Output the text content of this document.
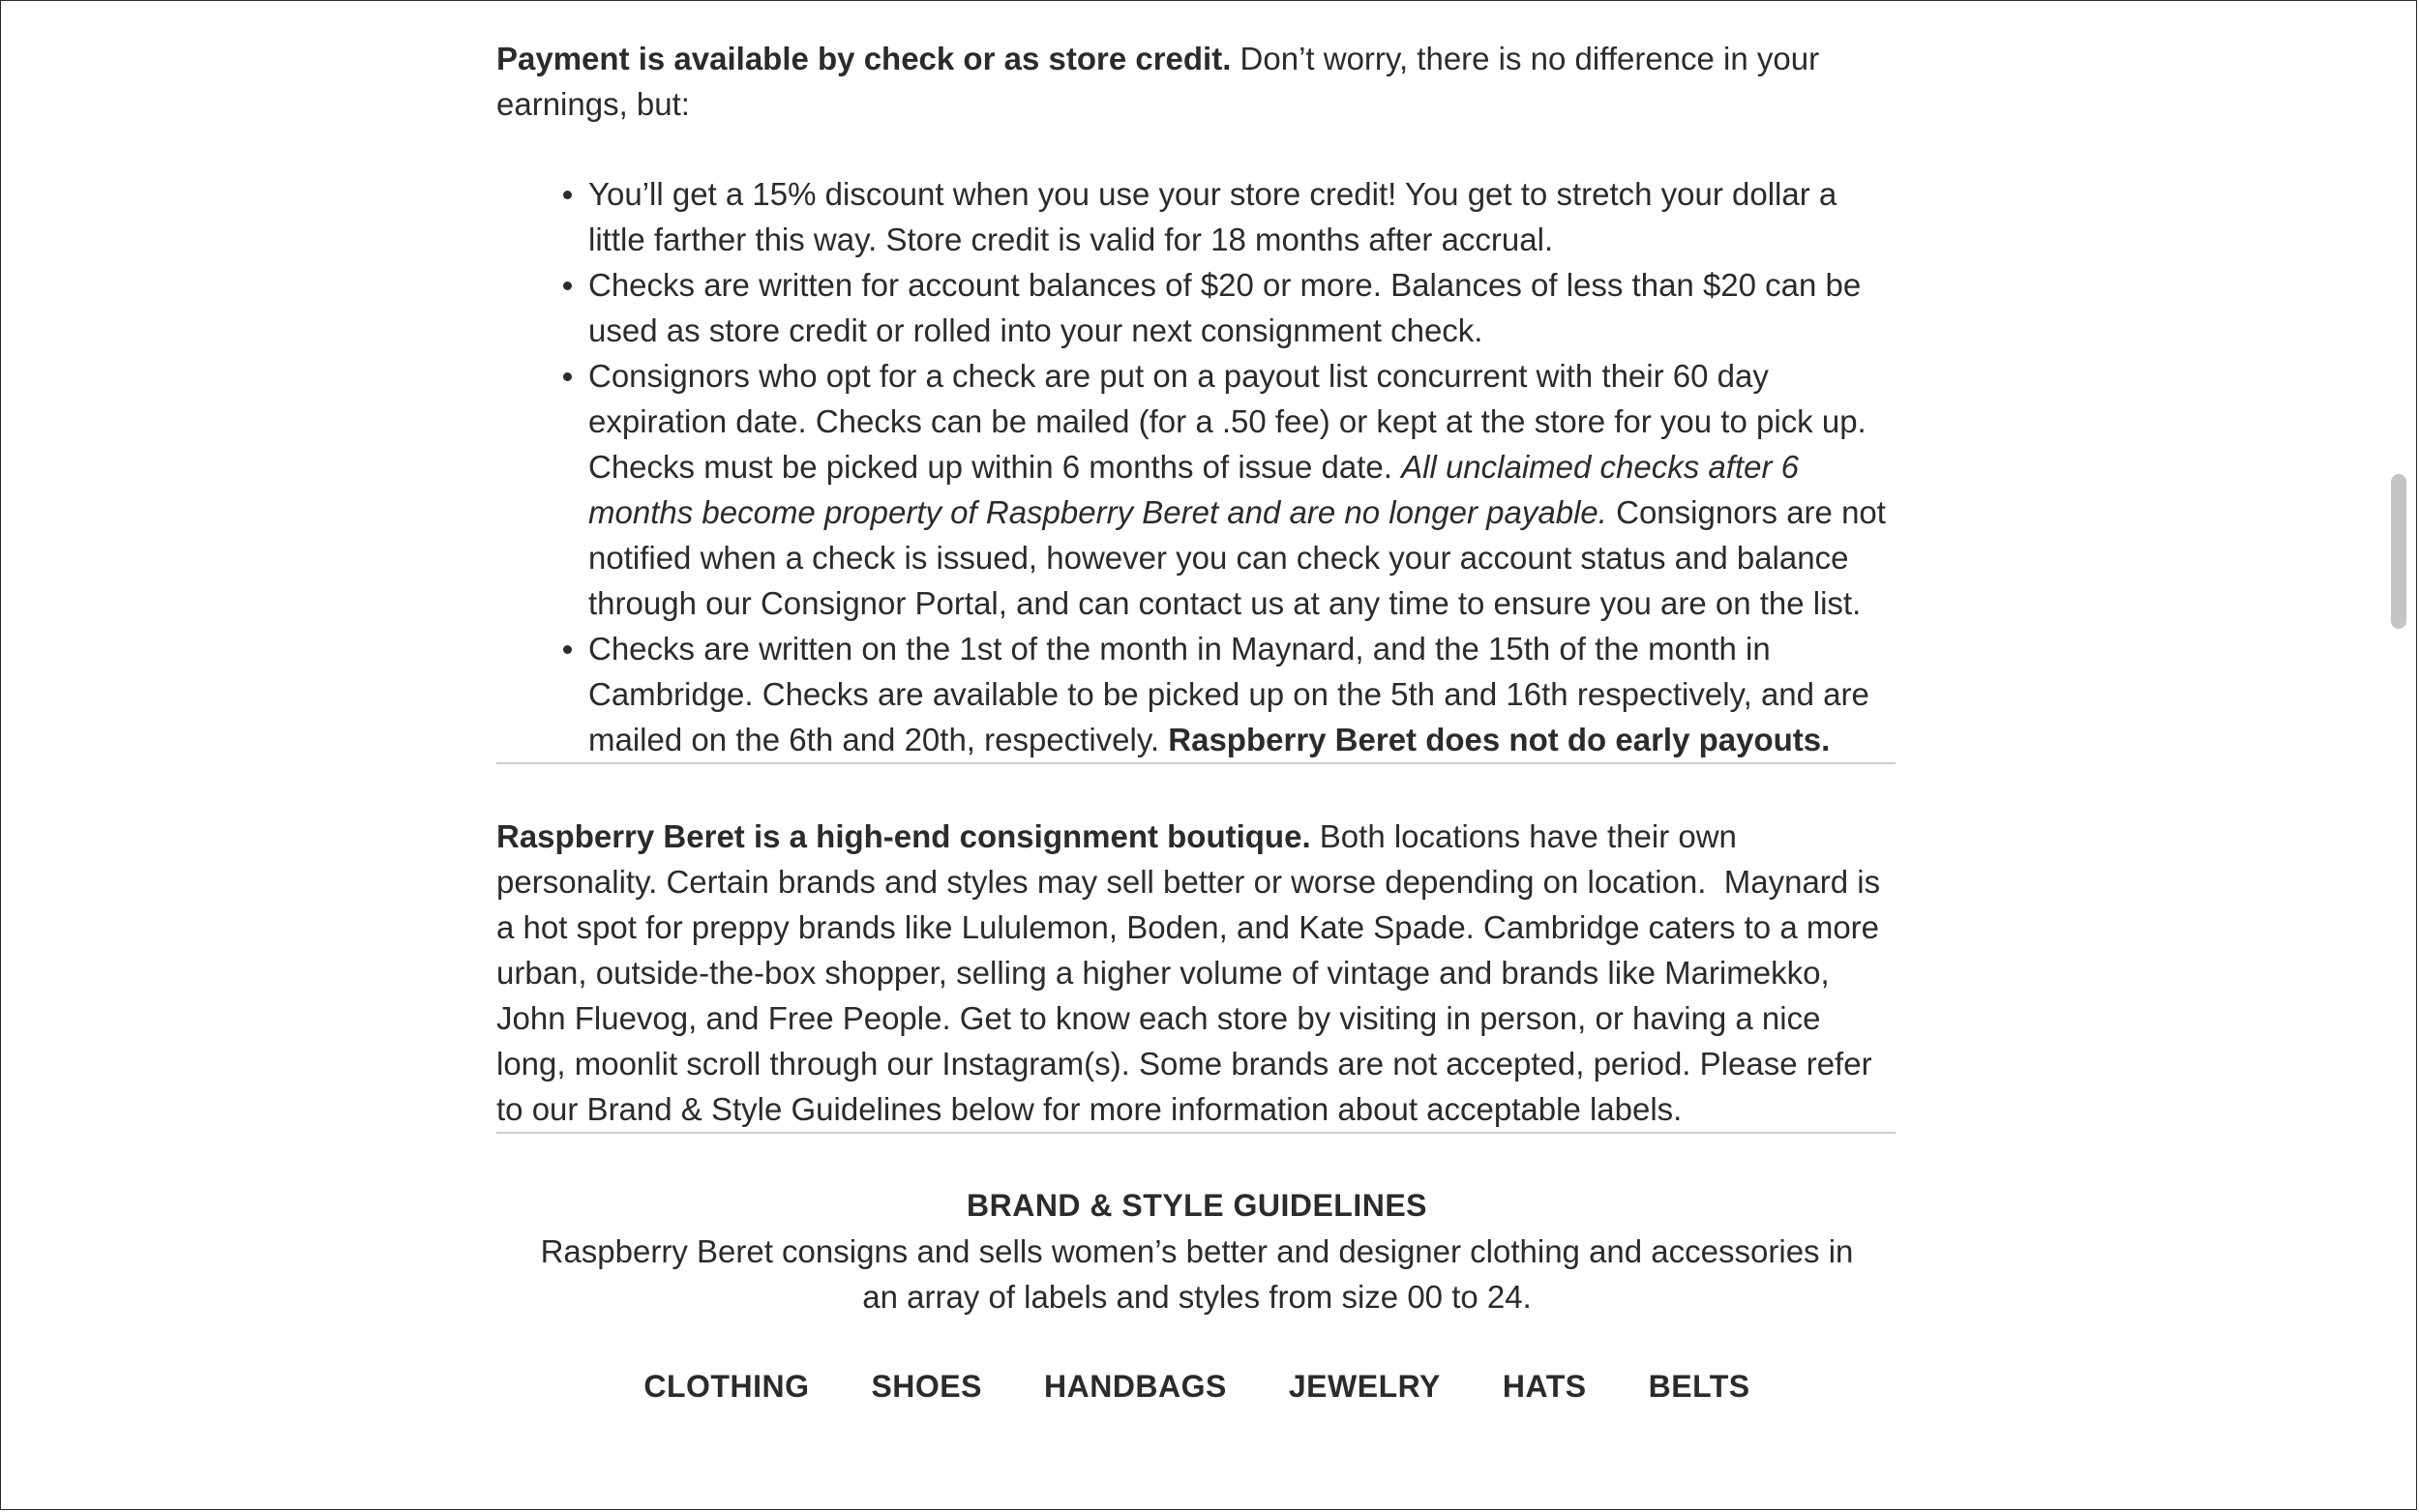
Payment is available by check or as store credit. Don’t worry, there is no difference in your earnings, but:

You’ll get a 15% discount when you use your store credit! You get to stretch your dollar a little farther this way. Store credit is valid for 18 months after accrual.
Checks are written for account balances of $20 or more. Balances of less than $20 can be used as store credit or rolled into your next consignment check.
Consignors who opt for a check are put on a payout list concurrent with their 60 day expiration date. Checks can be mailed (for a .50 fee) or kept at the store for you to pick up. Checks must be picked up within 6 months of issue date. All unclaimed checks after 6 months become property of Raspberry Beret and are no longer payable. Consignors are not notified when a check is issued, however you can check your account status and balance through our Consignor Portal, and can contact us at any time to ensure you are on the list.
Checks are written on the 1st of the month in Maynard, and the 15th of the month in Cambridge. Checks are available to be picked up on the 5th and 16th respectively, and are mailed on the 6th and 20th, respectively. Raspberry Beret does not do early payouts.

Raspberry Beret is a high-end consignment boutique. Both locations have their own personality. Certain brands and styles may sell better or worse depending on location.  Maynard is a hot spot for preppy brands like Lululemon, Boden, and Kate Spade. Cambridge caters to a more urban, outside-the-box shopper, selling a higher volume of vintage and brands like Marimekko, John Fluevog, and Free People. Get to know each store by visiting in person, or having a nice long, moonlit scroll through our Instagram(s). Some brands are not accepted, period. Please refer to our Brand & Style Guidelines below for more information about acceptable labels.

BRAND & STYLE GUIDELINES

Raspberry Beret consigns and sells women’s better and designer clothing and accessories in an array of labels and styles from size 00 to 24.

CLOTHING SHOES HANDBAGS JEWELRY HATS BELTS
